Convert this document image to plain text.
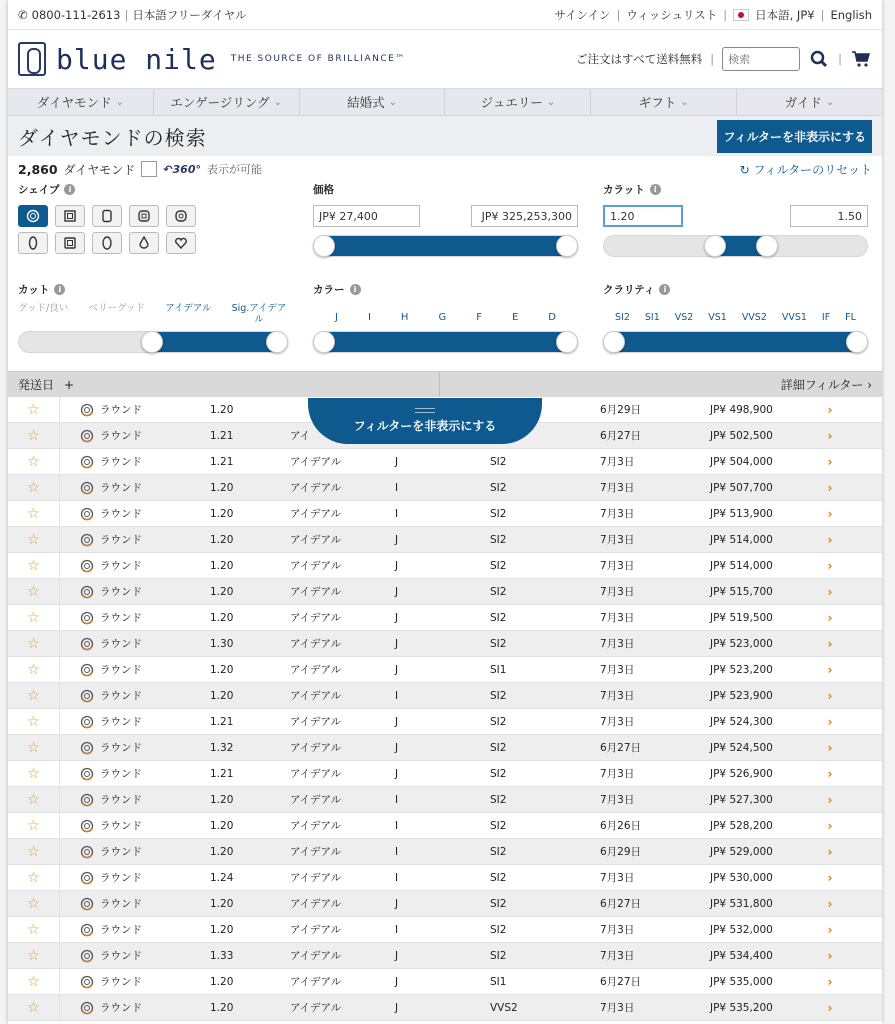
✆ 0800-111-2613 | 日本語フリーダイヤル	サインイン | ウィッシュリスト | 日本語, JP¥ | English
blue nile THE SOURCE OF BRILLIANCE™	ご注文はすべて送料無料 |
検索	|
ダイヤモンド ⌄	エンゲージリング ⌄	結婚式 ⌄	ジュエリー ⌄	ギフト ⌄	ガイド ⌄
ダイヤモンドの検索	フィルターを非表示にする
2,860 ダイヤモンド	↶360° 表示が可能	↻ フィルターのリセット
シェイプ	i	価格
JP¥ 27,400
JP¥ 325,253,300	カラット	i
1.20
1.50
カット	i
グッド/良い ベリーグッド アイデアル Sig.アイデアル
カラー	i
J	I	H	G	F	E	D
クラリティ	i
SI2 SI1 VS2 VS1 VVS2 VVS1 IF FL
発送日 +	詳細フィルター ›
☆	ラウンド	1.20	6月29日	JP¥ 498,900	›
☆	ラウンド	1.21	アイ	6月27日	JP¥ 502,500	›
☆	ラウンド	1.21	アイデアル	J	SI2	7月3日	JP¥ 504,000	›
☆	ラウンド	1.20	アイデアル	I	SI2	7月3日	JP¥ 507,700	›
☆	ラウンド	1.20	アイデアル	I	SI2	7月3日	JP¥ 513,900	›
☆	ラウンド	1.20	アイデアル	J	SI2	7月3日	JP¥ 514,000	›
☆	ラウンド	1.20	アイデアル	J	SI2	7月3日	JP¥ 514,000	›
☆	ラウンド	1.20	アイデアル	J	SI2	7月3日	JP¥ 515,700	›
☆	ラウンド	1.20	アイデアル	J	SI2	7月3日	JP¥ 519,500	›
☆	ラウンド	1.30	アイデアル	J	SI2	7月3日	JP¥ 523,000	›
☆	ラウンド	1.20	アイデアル	J	SI1	7月3日	JP¥ 523,200	›
☆	ラウンド	1.20	アイデアル	I	SI2	7月3日	JP¥ 523,900	›
☆	ラウンド	1.21	アイデアル	J	SI2	7月3日	JP¥ 524,300	›
☆	ラウンド	1.32	アイデアル	J	SI2	6月27日	JP¥ 524,500	›
☆	ラウンド	1.21	アイデアル	J	SI2	7月3日	JP¥ 526,900	›
☆	ラウンド	1.20	アイデアル	I	SI2	7月3日	JP¥ 527,300	›
☆	ラウンド	1.20	アイデアル	I	SI2	6月26日	JP¥ 528,200	›
☆	ラウンド	1.20	アイデアル	I	SI2	6月29日	JP¥ 529,000	›
☆	ラウンド	1.24	アイデアル	I	SI2	7月3日	JP¥ 530,000	›
☆	ラウンド	1.20	アイデアル	J	SI2	6月27日	JP¥ 531,800	›
☆	ラウンド	1.20	アイデアル	I	SI2	7月3日	JP¥ 532,000	›
☆	ラウンド	1.33	アイデアル	J	SI2	7月3日	JP¥ 534,400	›
☆	ラウンド	1.20	アイデアル	J	SI1	6月27日	JP¥ 535,000	›
☆	ラウンド	1.20	アイデアル	J	VVS2	7月3日	JP¥ 535,200	›
フィルターを非表示にする
